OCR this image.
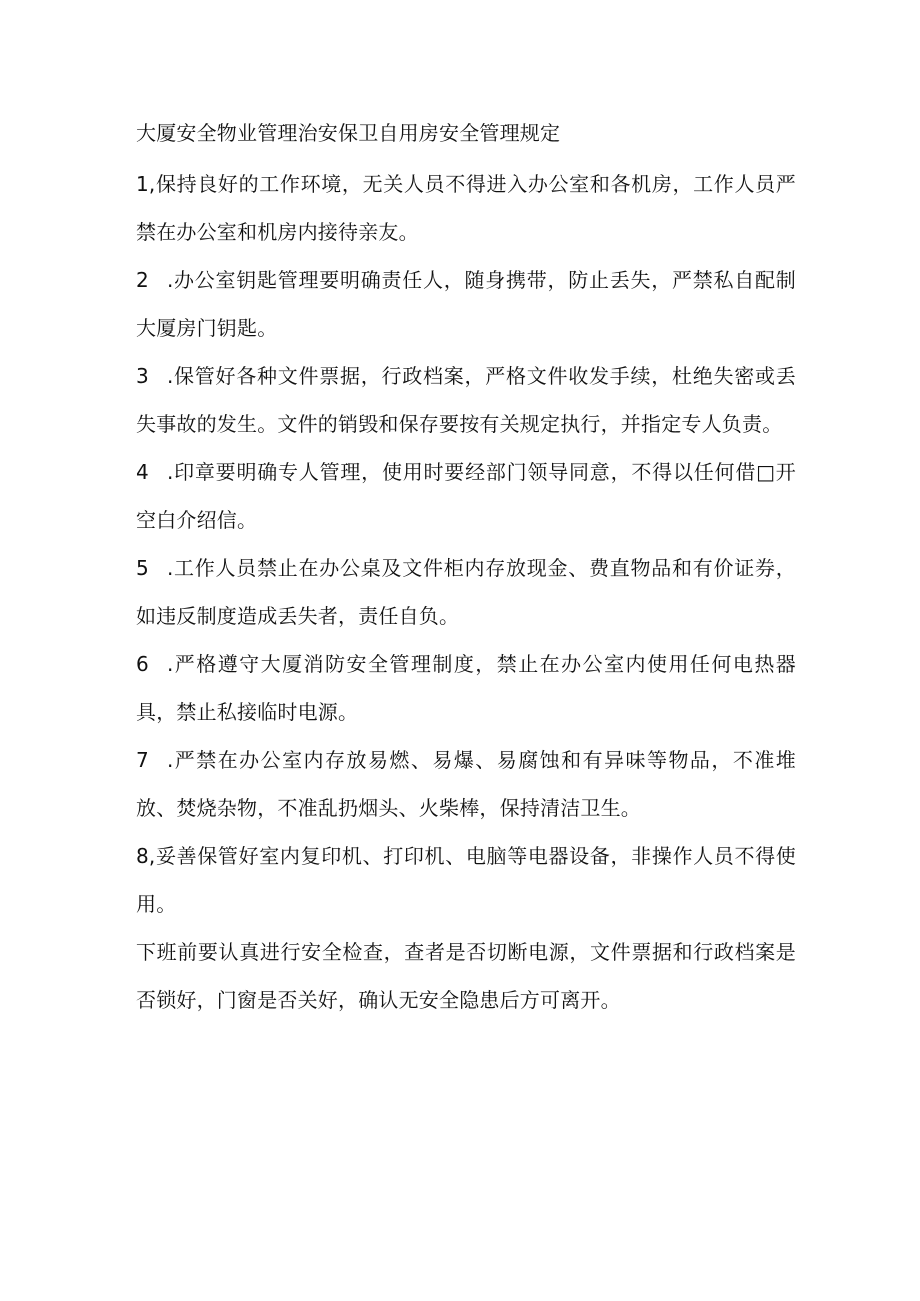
大厦安全物业管理治安保卫自用房安全管理规定

1,保持良好的工作环境，无关人员不得进入办公室和各机房，工作人员严禁在办公室和机房内接待亲友。

2 .办公室钥匙管理要明确责任人，随身携带，防止丢失，严禁私自配制大厦房门钥匙。

3 .保管好各种文件票据，行政档案，严格文件收发手续，杜绝失密或丢失事故的发生。文件的销毁和保存要按有关规定执行，并指定专人负责。

4 .印章要明确专人管理，使用时要经部门领导同意，不得以任何借□开空白介绍信。

5 .工作人员禁止在办公桌及文件柜内存放现金、费直物品和有价证券，如违反制度造成丢失者，责任自负。

6 .严格遵守大厦消防安全管理制度，禁止在办公室内使用任何电热器具，禁止私接临时电源。

7 .严禁在办公室内存放易燃、易爆、易腐蚀和有异味等物品，不准堆放、焚烧杂物，不准乱扔烟头、火柴棒，保持清洁卫生。

8,妥善保管好室内复印机、打印机、电脑等电器设备，非操作人员不得使用。

下班前要认真进行安全检查，查者是否切断电源，文件票据和行政档案是否锁好，门窗是否关好，确认无安全隐患后方可离开。
